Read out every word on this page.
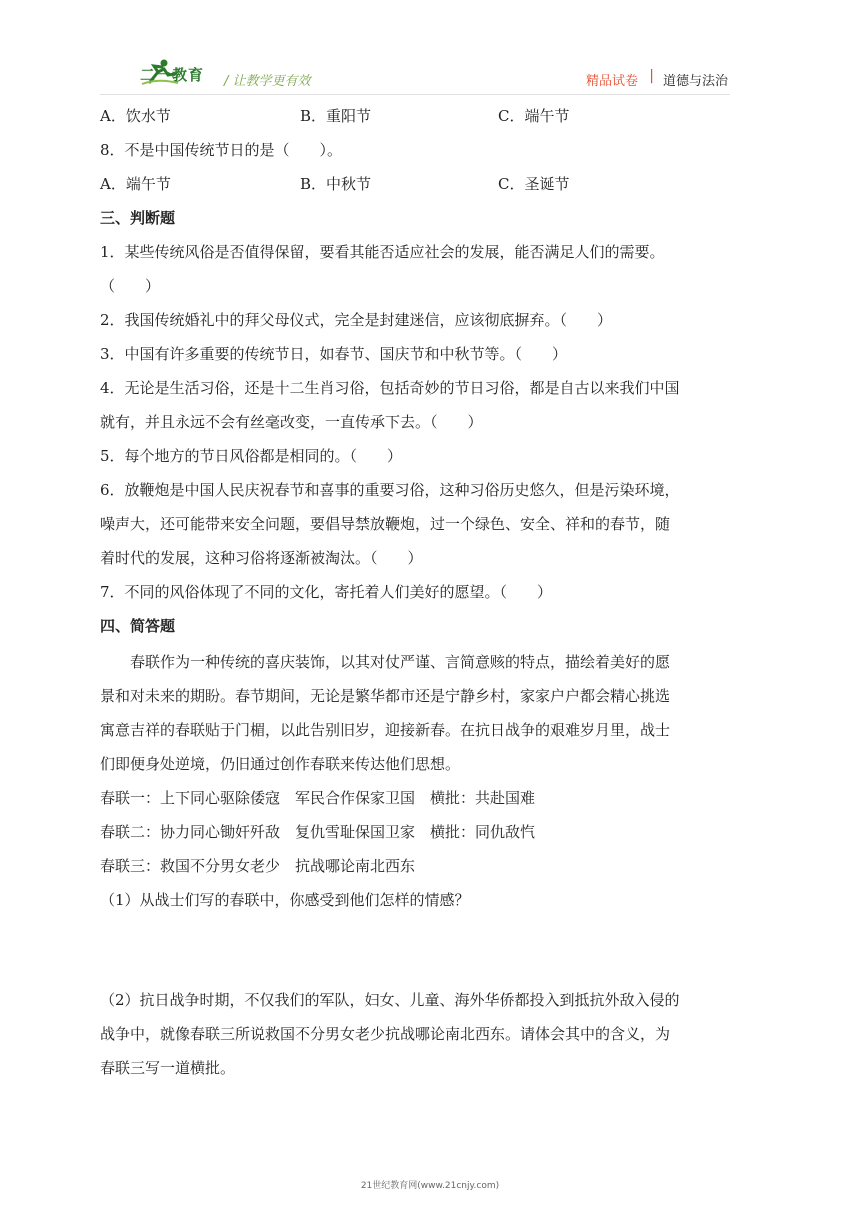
二一教育 / 让教学更有效	精品试卷 | 道德与法治
A．饮水节	B．重阳节	C．端午节
8．不是中国传统节日的是（　　）。
A．端午节	B．中秋节	C．圣诞节
三、判断题
1．某些传统风俗是否值得保留，要看其能否适应社会的发展，能否满足人们的需要。
（　　）
2．我国传统婚礼中的拜父母仪式，完全是封建迷信，应该彻底摒弃。（　　）
3．中国有许多重要的传统节日，如春节、国庆节和中秋节等。（　　）
4．无论是生活习俗，还是十二生肖习俗，包括奇妙的节日习俗，都是自古以来我们中国
就有，并且永远不会有丝毫改变，一直传承下去。（　　）
5．每个地方的节日风俗都是相同的。（　　）
6．放鞭炮是中国人民庆祝春节和喜事的重要习俗，这种习俗历史悠久，但是污染环境，
噪声大，还可能带来安全问题，要倡导禁放鞭炮，过一个绿色、安全、祥和的春节，随
着时代的发展，这种习俗将逐渐被淘汰。（　　）
7．不同的风俗体现了不同的文化，寄托着人们美好的愿望。（　　）
四、简答题
春联作为一种传统的喜庆装饰，以其对仗严谨、言简意赅的特点，描绘着美好的愿
景和对未来的期盼。春节期间，无论是繁华都市还是宁静乡村，家家户户都会精心挑选
寓意吉祥的春联贴于门楣，以此告别旧岁，迎接新春。在抗日战争的艰难岁月里，战士
们即便身处逆境，仍旧通过创作春联来传达他们思想。
春联一：上下同心驱除倭寇　军民合作保家卫国　横批：共赴国难
春联二：协力同心锄奸歼敌　复仇雪耻保国卫家　横批：同仇敌忾
春联三：救国不分男女老少　抗战哪论南北西东
（1）从战士们写的春联中，你感受到他们怎样的情感？
（2）抗日战争时期，不仅我们的军队，妇女、儿童、海外华侨都投入到抵抗外敌入侵的
战争中，就像春联三所说救国不分男女老少抗战哪论南北西东。请体会其中的含义，为
春联三写一道横批。
21世纪教育网(www.21cnjy.com)
